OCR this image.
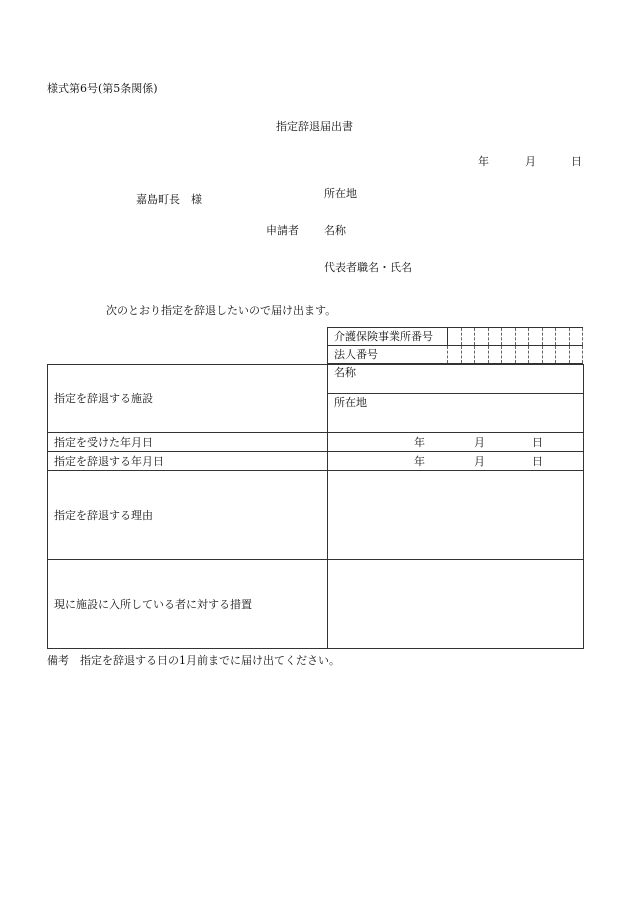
様式第6号(第5条関係)
指定辞退届出書
年	月	日
所在地
嘉島町長　様
申請者 名称
代表者職名・氏名
次のとおり指定を辞退したいので届け出ます。
介護保険事業所番号										
法人番号										
指定を辞退する施設	名称
所在地

指定を受けた年月日	年 月 日
指定を辞退する年月日	年 月 日
指定を辞退する理由	
現に施設に入所している者に対する措置	
備考　指定を辞退する日の1月前までに届け出てください。
